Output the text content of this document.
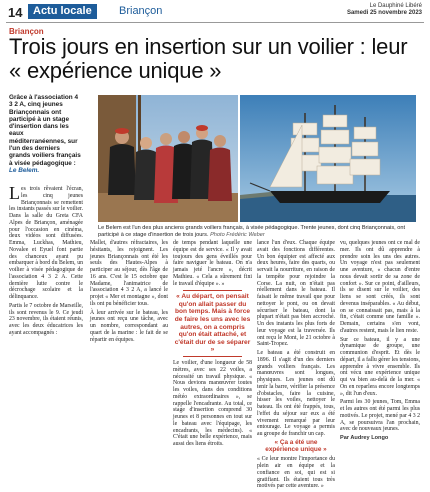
14 Actu locale	Briançon	Le Dauphiné Libéré
Samedi 25 novembre 2023
Briançon
Trois jours en insertion sur un voilier : leur « expérience unique »

Grâce à l'association 4 3 2 A, cinq jeunes Briançonnais ont participé à un stage d'insertion dans les eaux méditerranéennes, sur l'un des derniers grands voiliers français à visée pédagogique : Le Belem.

Le Belem est l'un des plus anciens grands voiliers français, à visée pédagogique. Trente jeunes, dont cinq Briançonnais, ont participé à ce stage d'insertion de trois jours. Photo Frédéric Weber

Les trois rêvaient l'écran, les cinq jeunes Briançonnais se remettent les instants passés sur le voilier. Dans la salle du Greta CFA Alpes de Briançon, aménagée pour l'occasion en cinéma, deux vidéos sont diffusées. Emma, Luckhas, Mathieu, Novalee et Eyuel font partie des chanceux ayant pu embarquer à bord du Belem, un voilier à visée pédagogique de l'association 4 3 2 A. Cette dernière lutte contre le décrochage scolaire et la délinquance.

Partis le 7 octobre de Marseille, ils sont revenus le 9. Ce jeudi 23 novembre, ils étaient réunis, avec les deux éducatrices les ayant accompagnés :

Mallet, d'autres réfractaires, les hésitants, les rejoignent. Les jeunes Briançonnais ont été les seuls des Hautes-Alpes à participer au séjour, dès l'âge de 16 ans. C'est le 15 octobre que Madame, l'animatrice de l'association 4 3 2 A, a lancé le projet « Mer et montagne », dont ils ont pu bénéficier tous.

À leur arrivée sur le bateau, les jeunes ont reçu une tâche, avec un nombre, correspondant au quart de la marine : le fait de se répartir en équipes.

de temps pendant laquelle une équipe est de service. « Il y avait toujours des gens éveillés pour faire naviguer le bateau. On n'a jamais jeté l'ancre », décrit Mathieu. « Cela a sûrement fini le travail d'équipe ». »

« Au départ, on pensait qu'on allait passer du bon temps. Mais à force de faire les uns avec les autres, on a compris qu'on était attaché, et c'était dur de se séparer »

Le voilier, d'une longueur de 58 mètres, avec ses 22 voiles, a nécessité un travail physique. « Nous devions manœuvrer toutes les voiles, dans des conditions météo extraordinaires », se rappelle l'encadrante. Au total, ce stage d'insertion comprend 30 jeunes et 8 personnes en tout sur le bateau avec l'équipage, les encadrants, les médecins). « C'était une belle expérience, mais aussi des liens étroits.

lance l'un d'eux. Chaque équipe avait des fonctions différentes. Un bon équipier est affecté aux deux heures, faire des quarts, ou servait la nourriture, en raison de la tempête pour rejoindre la Corse. La nuit, on n'était pas réellement dans le bateau. Il faisait le même travail que pour nettoyer le pont, ou on devait sécuriser le bateau, dont la plupart n'était pas bien accroché. Un des instants les plus forts de leur voyage est la traversée. Ils ont reçu le Mont, le 21 octobre à Saint-Tropez.

Le bateau a été construit en 1896. Il s'agit d'un des derniers grands voiliers français. Les manœuvres sont longues, physiques. Les jeunes ont dû tenir la barre, vérifier la présence d'obstacles, faire la cuisine, hisser les voiles, nettoyer le bateau. Ils ont été frappés, tous, l'effet du séjour sur eux a été vivement remarqué par leur entourage. Le voyage a permis au groupe de franchir un cap.

« Ça a été une expérience unique »

« Ce leur montre l'importance du plein air en équipe et la confiance en soi, qui est si gratifiant. Ils étaient tous très motivés par cette aventure. »

vu, quelques jeunes ont ce mal de mer. Ils ont dû apprendre à prendre soin les uns des autres. Un voyage n'est pas seulement une aventure, « chacun d'entre nous devait sortir de sa zone de confort ». Sur ce point, d'ailleurs, ils se disent sur le voilier, des liens se sont créés, ils sont devenus inséparables. « Au début, on se connaissait pas, mais à la fin, c'était comme une famille ». Demain, certains s'en vont, d'autres restent, mais le lien reste.

Sur ce bateau, il y a une dynamique de groupe, une communion d'esprit. Et dès le départ, il a fallu gérer les tensions, apprendre à vivre ensemble. Ils ont vécu une expérience unique qui va bien au-delà de la mer. « On en reparlera encore longtemps », dit l'un d'eux.

Parmi les 30 jeunes, Tom, Emma et les autres ont été parmi les plus motivés. Le projet, mené par 4 3 2 A, se poursuivra l'an prochain, avec de nouveaux jeunes.

Par Audrey Longo
